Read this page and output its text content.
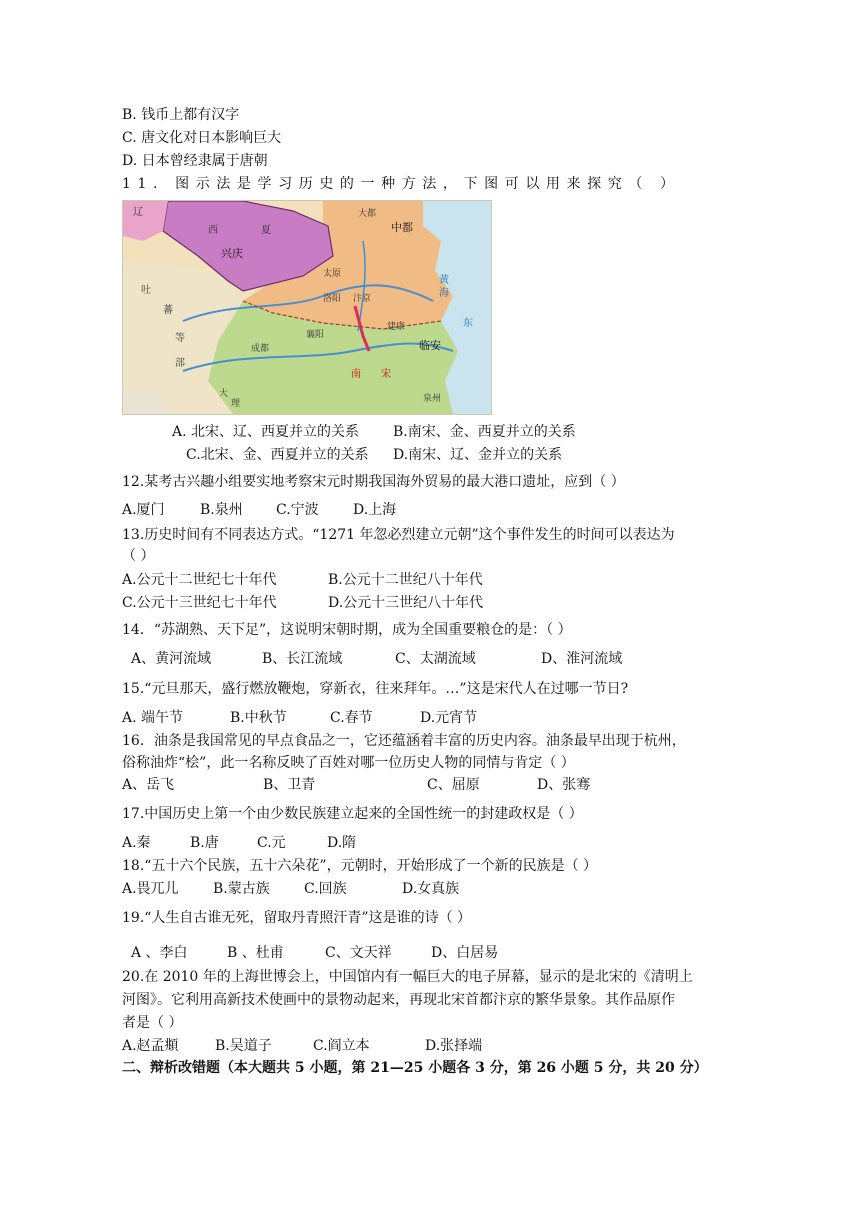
B. 钱币上都有汉字
C. 唐文化对日本影响巨大
D. 日本曾经隶属于唐朝
11. 图示法是学习历史的一种方法，下图可以用来探究（ ）
中都
兴庆
临安
大都
辽
宋
西	夏
吐
蕃
等
部
黄
海
东
大
理
成都
襄阳
建康
泉州
太原
汴京
洛阳
南
A. 北宋、辽、西夏并立的关系 B.南宋、金、西夏并立的关系
C.北宋、金、西夏并立的关系 D.南宋、辽、金并立的关系
12.某考古兴趣小组要实地考察宋元时期我国海外贸易的最大港口遗址，应到（ ）
A.厦门	B.泉州 C.宁波 D.上海
13.历史时间有不同表达方式。“1271 年忽必烈建立元朝”这个事件发生的时间可以表达为
（ ）
A.公元十二世纪七十年代	B.公元十二世纪八十年代
C.公元十三世纪七十年代	D.公元十三世纪八十年代
14．“苏湖熟、天下足”，这说明宋朝时期，成为全国重要粮仓的是：（ ）
A、黄河流域	B、长江流域	C、太湖流域	D、淮河流域
15.“元旦那天，盛行燃放鞭炮，穿新衣，往来拜年。…”这是宋代人在过哪一节日?
A. 端午节	B.中秋节	C.春节	D.元宵节
16．油条是我国常见的早点食品之一，它还蕴涵着丰富的历史内容。油条最早出现于杭州，
俗称油炸“桧”，此一名称反映了百姓对哪一位历史人物的同情与肯定（ ）
A、岳飞	B、卫青	C、屈原	D、张骞
17.中国历史上第一个由少数民族建立起来的全国性统一的封建政权是（ ）
A.秦	B.唐	C.元	D.隋
18.“五十六个民族，五十六朵花”，元朝时，开始形成了一个新的民族是（ ）
A.畏兀儿 B.蒙古族 C.回族	D.女真族
19.“人生自古谁无死，留取丹青照汗青”这是谁的诗（ ）
A 、李白	B 、杜甫	C、文天祥	D、白居易
20.在 2010 年的上海世博会上，中国馆内有一幅巨大的电子屏幕，显示的是北宋的《清明上
河图》。它利用高新技术使画中的景物动起来，再现北宋首都汴京的繁华景象。其作品原作
者是（ ）
A.赵孟頫	B.吴道子	C.阎立本	D.张择端
二、辩析改错题（本大题共 5 小题，第 21—25 小题各 3 分，第 26 小题 5 分，共 20 分）
